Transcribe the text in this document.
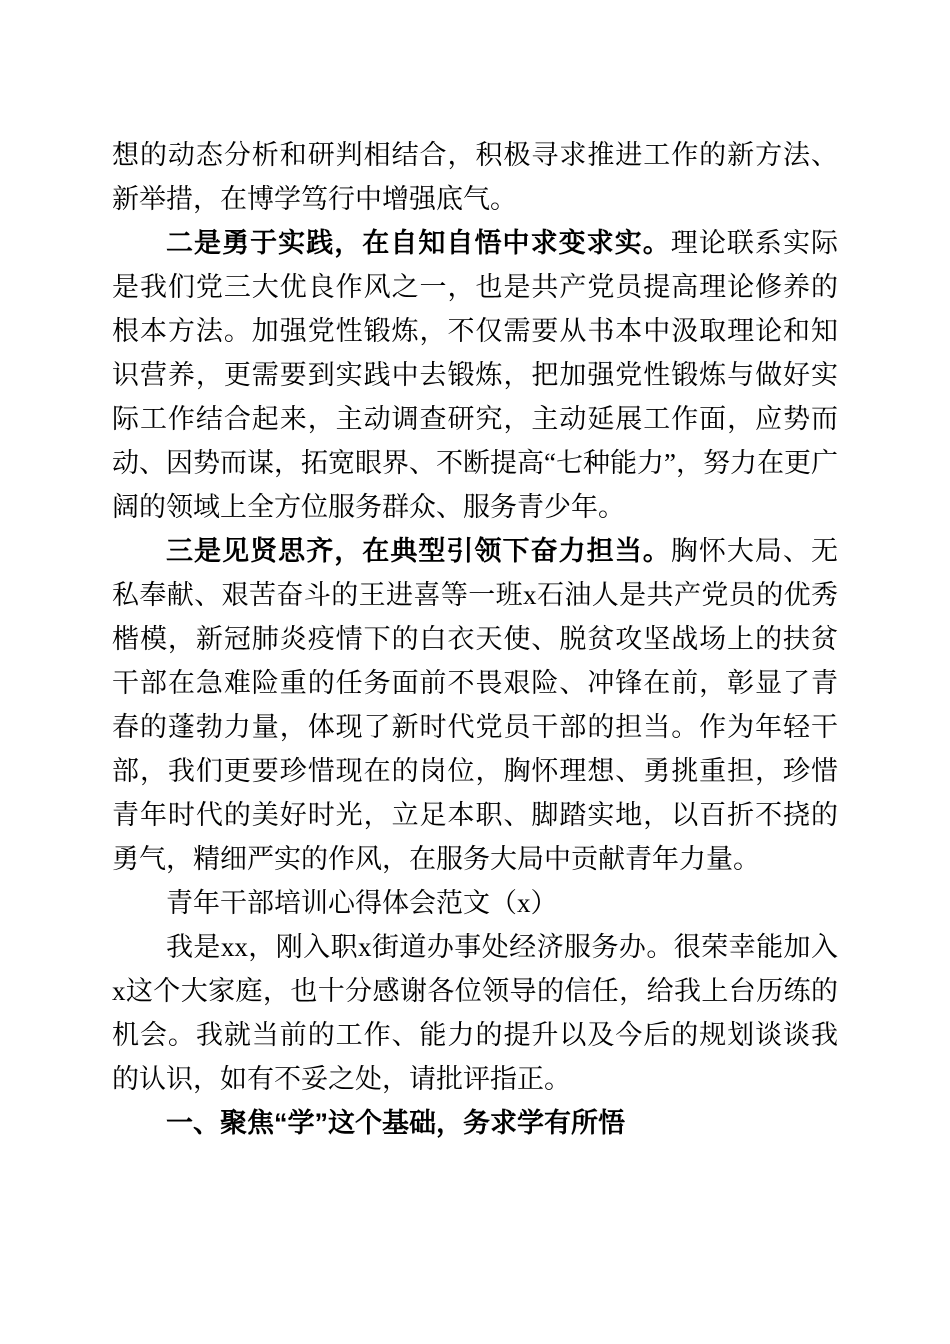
想的动态分析和研判相结合，积极寻求推进工作的新方法、新举措，在博学笃行中增强底气。

二是勇于实践，在自知自悟中求变求实。理论联系实际是我们党三大优良作风之一，也是共产党员提高理论修养的根本方法。加强党性锻炼，不仅需要从书本中汲取理论和知识营养，更需要到实践中去锻炼，把加强党性锻炼与做好实际工作结合起来，主动调查研究，主动延展工作面，应势而动、因势而谋，拓宽眼界、不断提高“七种能力”，努力在更广阔的领域上全方位服务群众、服务青少年。

三是见贤思齐，在典型引领下奋力担当。胸怀大局、无私奉献、艰苦奋斗的王进喜等一班x石油人是共产党员的优秀楷模，新冠肺炎疫情下的白衣天使、脱贫攻坚战场上的扶贫干部在急难险重的任务面前不畏艰险、冲锋在前，彰显了青春的蓬勃力量，体现了新时代党员干部的担当。作为年轻干部，我们更要珍惜现在的岗位，胸怀理想、勇挑重担，珍惜青年时代的美好时光，立足本职、脚踏实地，以百折不挠的勇气，精细严实的作风，在服务大局中贡献青年力量。

青年干部培训心得体会范文（x）

我是xx，刚入职x街道办事处经济服务办。很荣幸能加入x这个大家庭，也十分感谢各位领导的信任，给我上台历练的机会。我就当前的工作、能力的提升以及今后的规划谈谈我的认识，如有不妥之处，请批评指正。

一、聚焦“学”这个基础，务求学有所悟
